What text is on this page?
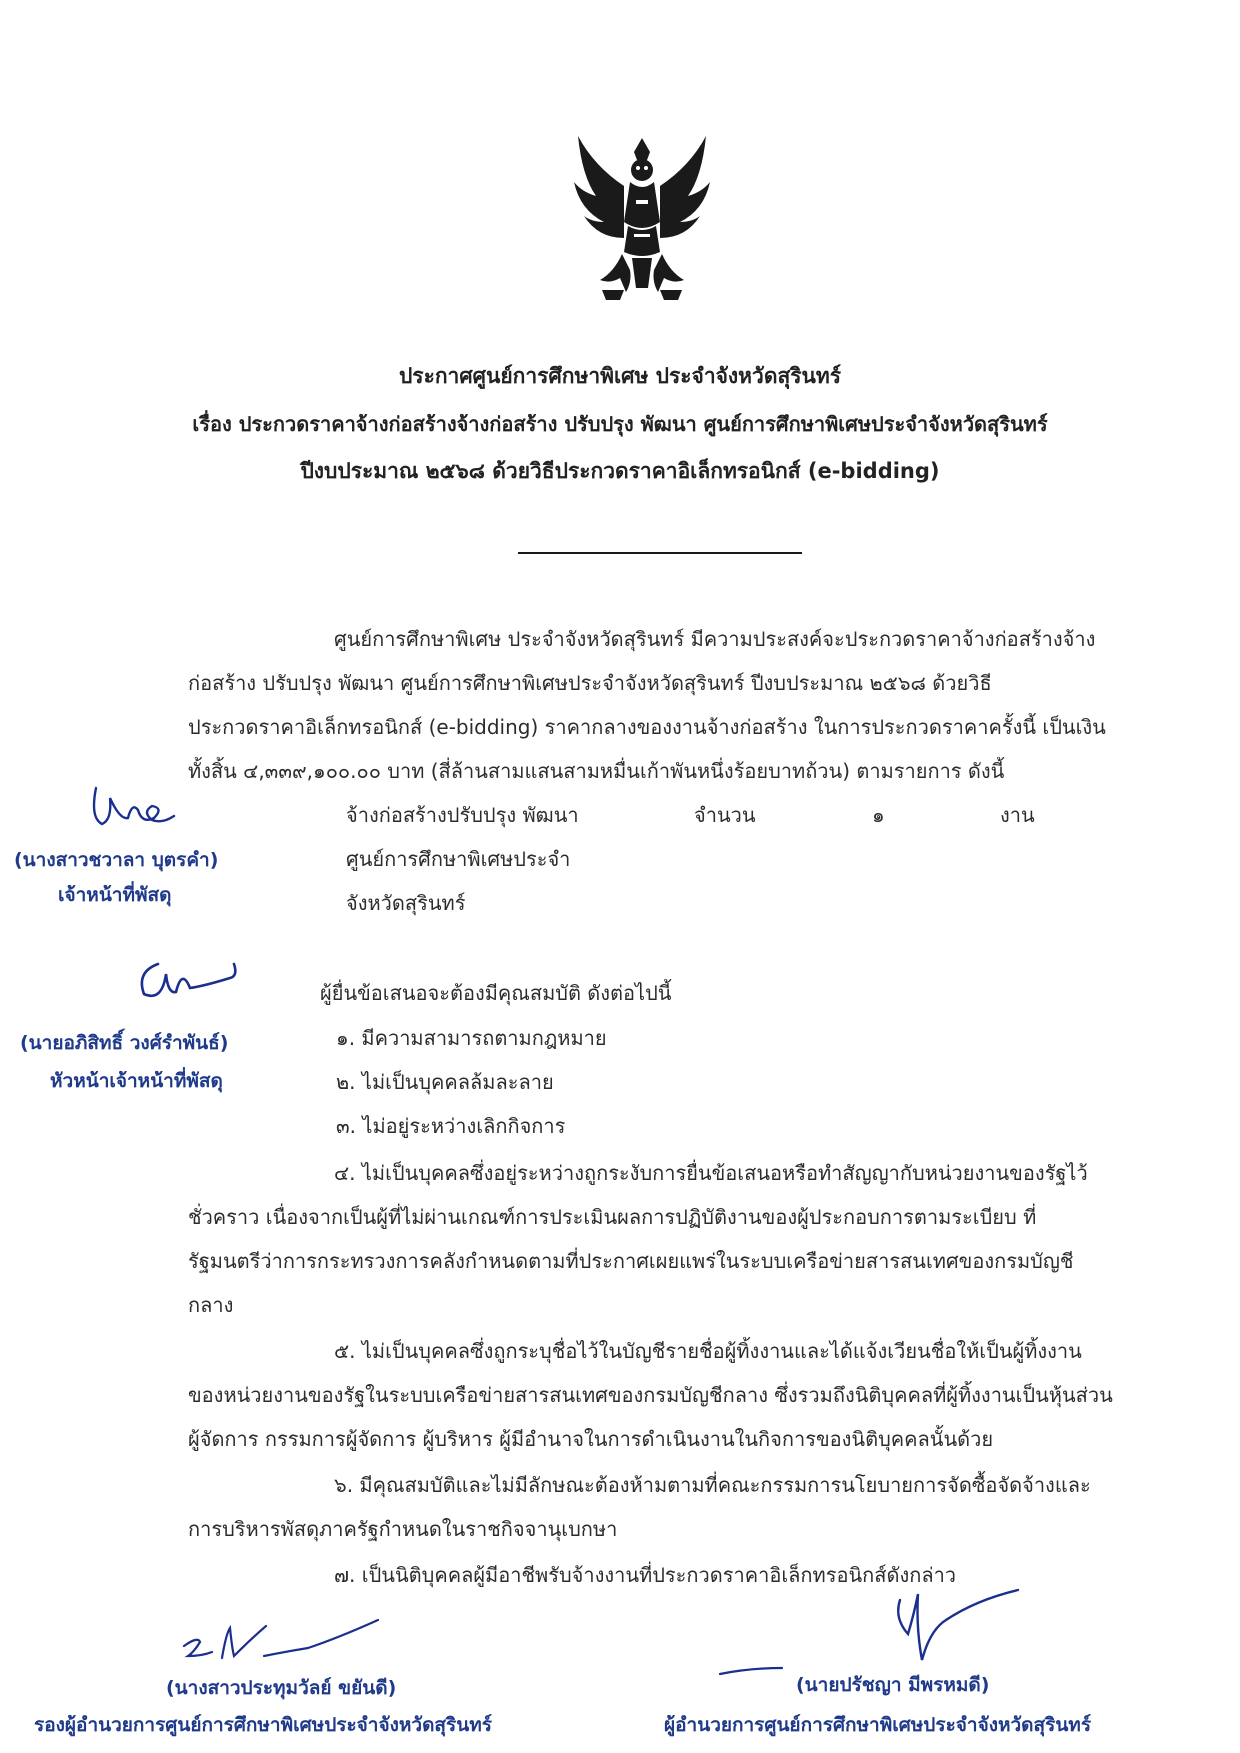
ประกาศศูนย์การศึกษาพิเศษ ประจำจังหวัดสุรินทร์
เรื่อง ประกวดราคาจ้างก่อสร้างจ้างก่อสร้าง ปรับปรุง พัฒนา ศูนย์การศึกษาพิเศษประจำจังหวัดสุรินทร์
ปีงบประมาณ ๒๕๖๘ ด้วยวิธีประกวดราคาอิเล็กทรอนิกส์ (e-bidding)
ศูนย์การศึกษาพิเศษ ประจำจังหวัดสุรินทร์ มีความประสงค์จะประกวดราคาจ้างก่อสร้างจ้าง
ก่อสร้าง ปรับปรุง พัฒนา ศูนย์การศึกษาพิเศษประจำจังหวัดสุรินทร์ ปีงบประมาณ ๒๕๖๘ ด้วยวิธี
ประกวดราคาอิเล็กทรอนิกส์ (e-bidding) ราคากลางของงานจ้างก่อสร้าง ในการประกวดราคาครั้งนี้ เป็นเงิน
ทั้งสิ้น ๔,๓๓๙,๑๐๐.๐๐ บาท (สี่ล้านสามแสนสามหมื่นเก้าพันหนึ่งร้อยบาทถ้วน) ตามรายการ ดังนี้
จ้างก่อสร้างปรับปรุง พัฒนา
ศูนย์การศึกษาพิเศษประจำ
จังหวัดสุรินทร์
จำนวน	๑	งาน
ผู้ยื่นข้อเสนอจะต้องมีคุณสมบัติ ดังต่อไปนี้
๑. มีความสามารถตามกฎหมาย
๒. ไม่เป็นบุคคลล้มละลาย
๓. ไม่อยู่ระหว่างเลิกกิจการ
๔. ไม่เป็นบุคคลซึ่งอยู่ระหว่างถูกระงับการยื่นข้อเสนอหรือทำสัญญากับหน่วยงานของรัฐไว้
ชั่วคราว เนื่องจากเป็นผู้ที่ไม่ผ่านเกณฑ์การประเมินผลการปฏิบัติงานของผู้ประกอบการตามระเบียบ ที่
รัฐมนตรีว่าการกระทรวงการคลังกำหนดตามที่ประกาศเผยแพร่ในระบบเครือข่ายสารสนเทศของกรมบัญชี
กลาง
๕. ไม่เป็นบุคคลซึ่งถูกระบุชื่อไว้ในบัญชีรายชื่อผู้ทิ้งงานและได้แจ้งเวียนชื่อให้เป็นผู้ทิ้งงาน
ของหน่วยงานของรัฐในระบบเครือข่ายสารสนเทศของกรมบัญชีกลาง ซึ่งรวมถึงนิติบุคคลที่ผู้ทิ้งงานเป็นหุ้นส่วน
ผู้จัดการ กรรมการผู้จัดการ ผู้บริหาร ผู้มีอำนาจในการดำเนินงานในกิจการของนิติบุคคลนั้นด้วย
๖. มีคุณสมบัติและไม่มีลักษณะต้องห้ามตามที่คณะกรรมการนโยบายการจัดซื้อจัดจ้างและ
การบริหารพัสดุภาครัฐกำหนดในราชกิจจานุเบกษา
๗. เป็นนิติบุคคลผู้มีอาชีพรับจ้างงานที่ประกวดราคาอิเล็กทรอนิกส์ดังกล่าว
(นางสาวชวาลา บุตรคำ)
เจ้าหน้าที่พัสดุ
(นายอภิสิทธิ์ วงศ์รำพันธ์)
หัวหน้าเจ้าหน้าที่พัสดุ
(นางสาวประทุมวัลย์ ขยันดี)
รองผู้อำนวยการศูนย์การศึกษาพิเศษประจำจังหวัดสุรินทร์
(นายปรัชญา มีพรหมดี)
ผู้อำนวยการศูนย์การศึกษาพิเศษประจำจังหวัดสุรินทร์
